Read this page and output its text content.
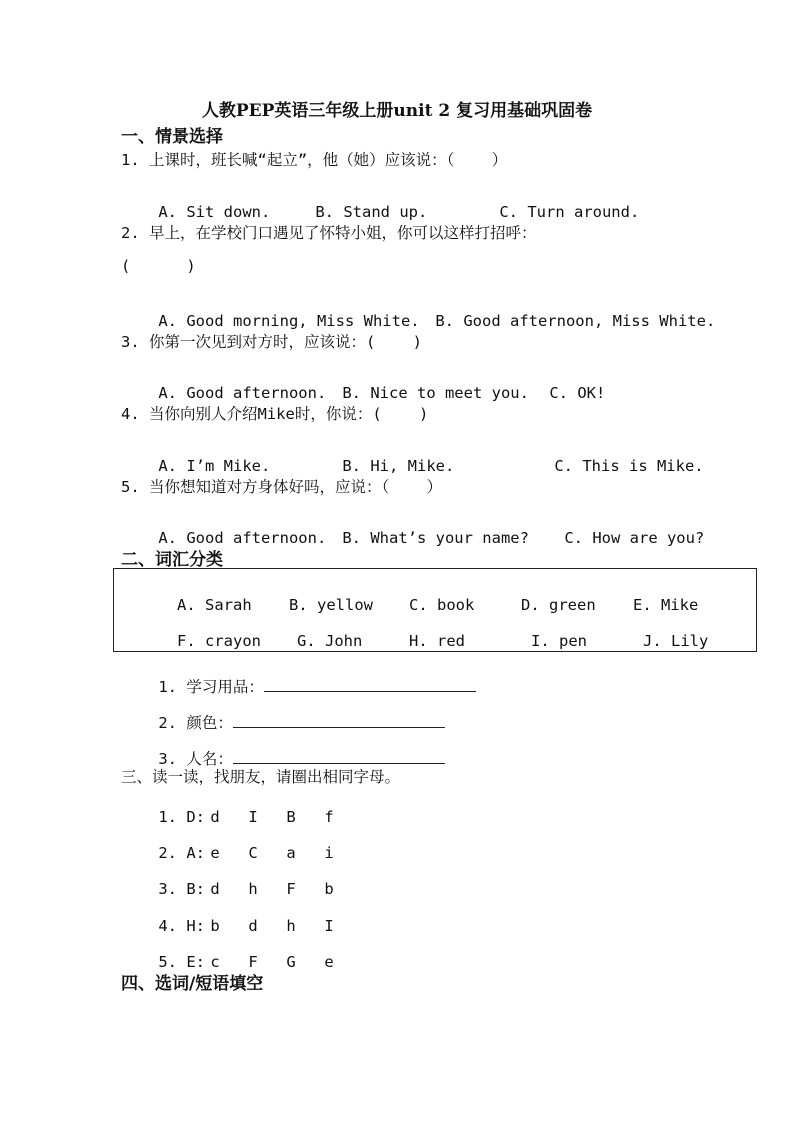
人教PEP英语三年级上册unit 2 复习用基础巩固卷
一、情景选择
1. 上课时，班长喊“起立”，他（她）应该说：（    ）

A. Sit down.	B. Stand up.	C. Turn around.

2. 早上，在学校门口遇见了怀特小姐，你可以这样打招呼：
(      )

A. Good morning, Miss White. B. Good afternoon, Miss White.

3. 你第一次见到对方时，应该说：(    )

A. Good afternoon. B. Nice to meet you. C. OK!

4. 当你向别人介绍Mike时，你说：(    )

A. I’m Mike.	B. Hi, Mike.	C. This is Mike.

5. 当你想知道对方身体好吗，应说：（    ）

A. Good afternoon. B. What’s your name? C. How are you?

二、词汇分类

A. Sarah B. yellow C. book	D. green E. Mike

F. crayon G. John	H. red	I. pen	J. Lily

1. 学习用品：

2. 颜色：

3. 人名：

三、读一读，找朋友，请圈出相同字母。

1. D: d I B f

2. A: e C a i

3. B: d h F b

4. H: b d h I

5. E: c F G e

四、选词/短语填空
